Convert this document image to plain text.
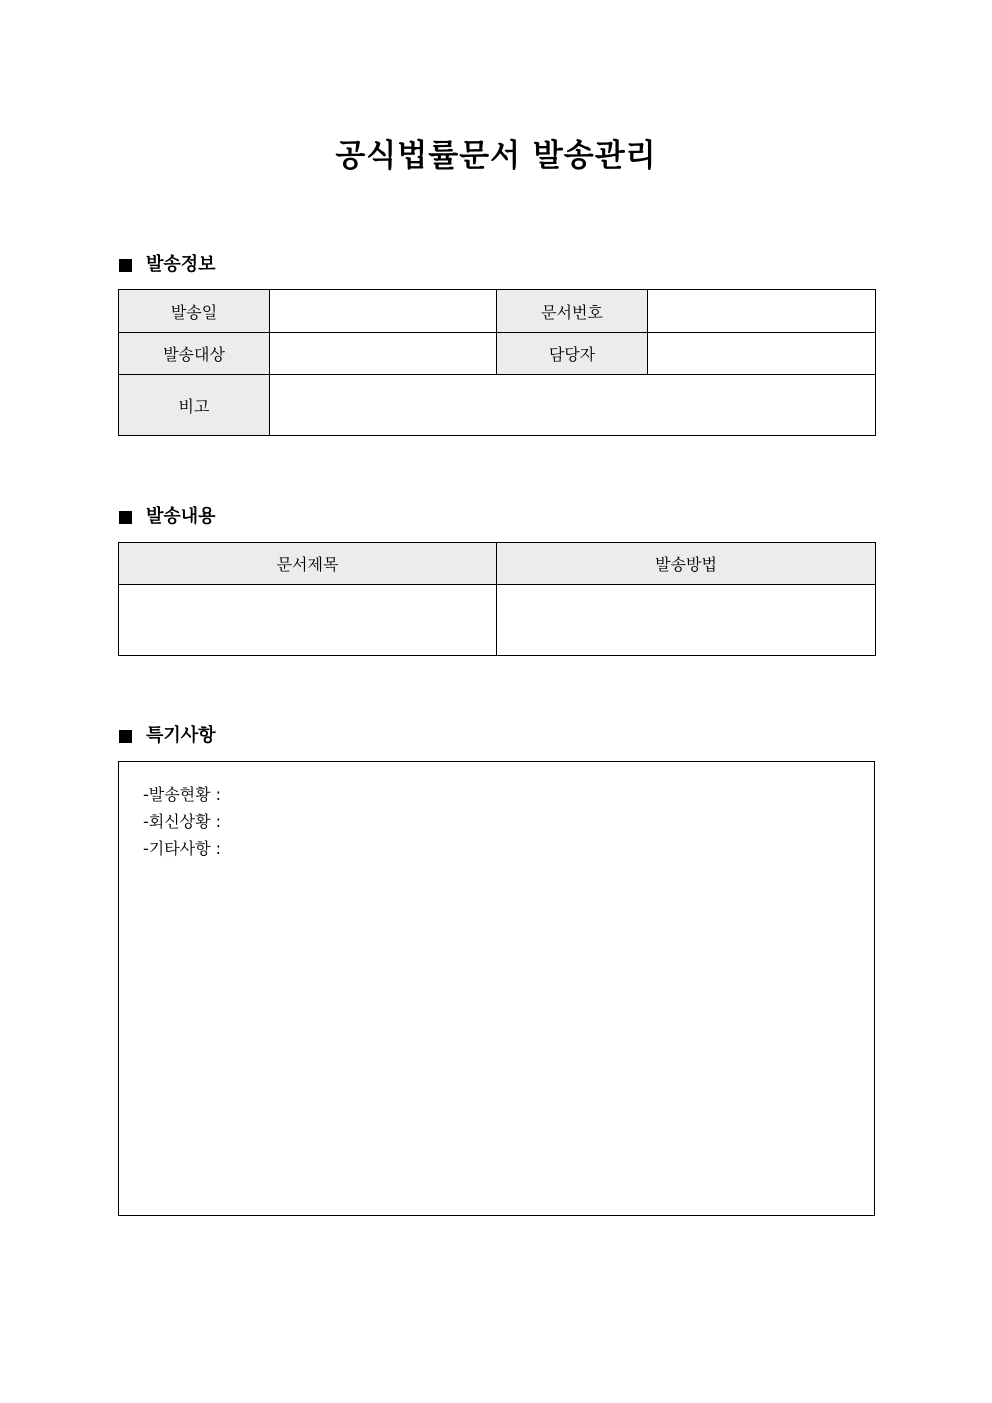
공식법률문서 발송관리
발송정보
발송일		문서번호	
발송대상		담당자	
비고			
발송내용
문서제목	발송방법

특기사항
-발송현황 :
-회신상황 :
-기타사항 :
